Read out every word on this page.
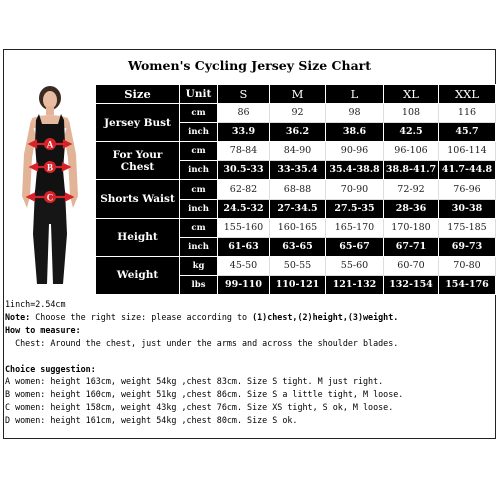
Women's Cycling Jersey Size Chart
A
B
C
Size	Unit	S	M	L	XL	XXL
Jersey Bust	cm	86	92	98	108	116
	inch	33.9	36.2	38.6	42.5	45.7
For Your Chest	cm	78-84	84-90	90-96	96-106	106-114
	inch	30.5-33	33-35.4	35.4-38.8	38.8-41.7	41.7-44.8
Shorts Waist	cm	62-82	68-88	70-90	72-92	76-96
	inch	24.5-32	27-34.5	27.5-35	28-36	30-38
Height	cm	155-160	160-165	165-170	170-180	175-185
	inch	61-63	63-65	65-67	67-71	69-73
Weight	kg	45-50	50-55	55-60	60-70	70-80
	lbs	99-110	110-121	121-132	132-154	154-176
1inch=2.54cm
Note: Choose the right size: please according to (1)chest,(2)height,(3)weight.
How to measure:
Chest: Around the chest, just under the arms and across the shoulder blades.

Choice suggestion:
A women: height 163cm, weight 54kg ,chest 83cm. Size S tight. M just right.
B women: height 160cm, weight 51kg ,chest 86cm. Size S a little tight, M loose.
C women: height 158cm, weight 43kg ,chest 76cm. Size XS tight, S ok, M loose.
D women: height 161cm, weight 54kg ,chest 80cm. Size S ok.
